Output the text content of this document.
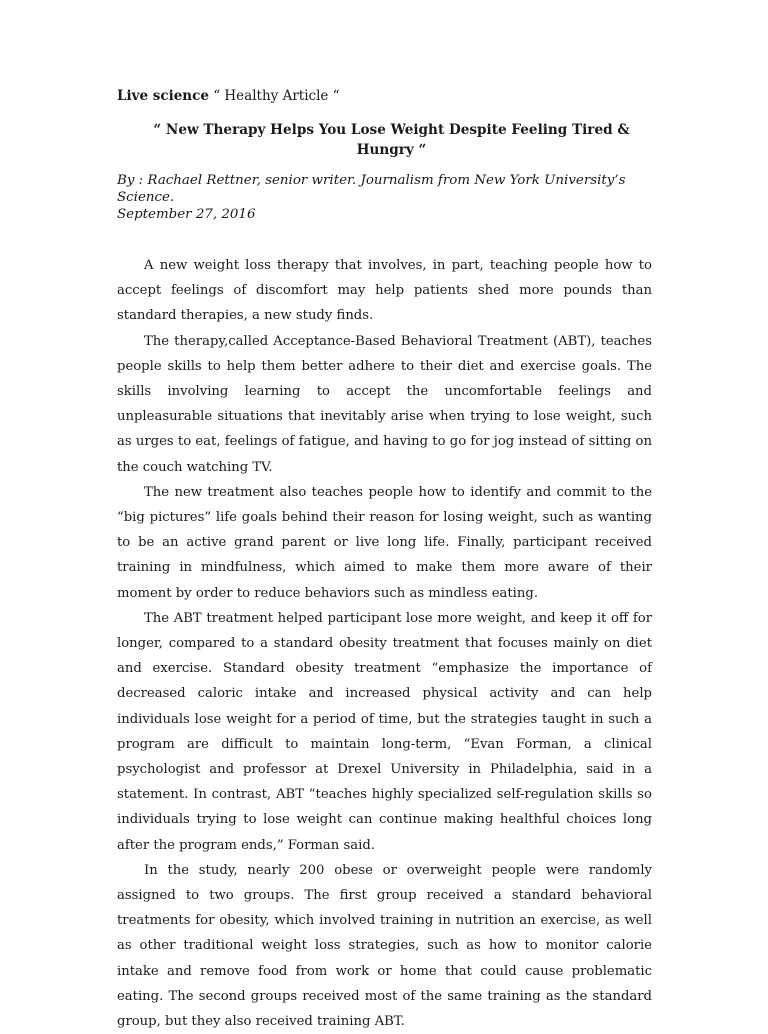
Live science “ Healthy Article “

“ New Therapy Helps You Lose Weight Despite Feeling Tired & Hungry “

By : Rachael Rettner, senior writer. Journalism from New York University’s Science.
September 27, 2016

A new weight loss therapy that involves, in part, teaching people how to accept feelings of discomfort may help patients shed more pounds than standard therapies, a new study finds.

The therapy,called Acceptance-Based Behavioral Treatment (ABT), teaches people skills to help them better adhere to their diet and exercise goals. The skills involving learning to accept the uncomfortable feelings and unpleasurable situations that inevitably arise when trying to lose weight, such as urges to eat, feelings of fatigue, and having to go for jog instead of sitting on the couch watching TV.

The new treatment also teaches people how to identify and commit to the “big pictures” life goals behind their reason for losing weight, such as wanting to be an active grand parent or live long life. Finally, participant received training in mindfulness, which aimed to make them more aware of their moment by order to reduce behaviors such as mindless eating.

The ABT treatment helped participant lose more weight, and keep it off for longer, compared to a standard obesity treatment that focuses mainly on diet and exercise. Standard obesity treatment “emphasize the importance of decreased caloric intake and increased physical activity and can help individuals lose weight for a period of time, but the strategies taught in such a program are difficult to maintain long-term, “Evan Forman, a clinical psychologist and professor at Drexel University in Philadelphia, said in a statement. In contrast, ABT “teaches highly specialized self-regulation skills so individuals trying to lose weight can continue making healthful choices long after the program ends,” Forman said.

In the study, nearly 200 obese or overweight people were randomly assigned to two groups. The first group received a standard behavioral treatments for obesity, which involved training in nutrition an exercise, as well as other traditional weight loss strategies, such as how to monitor calorie intake and remove food from work or home that could cause problematic eating. The second groups received most of the same training as the standard group, but they also received training ABT.
